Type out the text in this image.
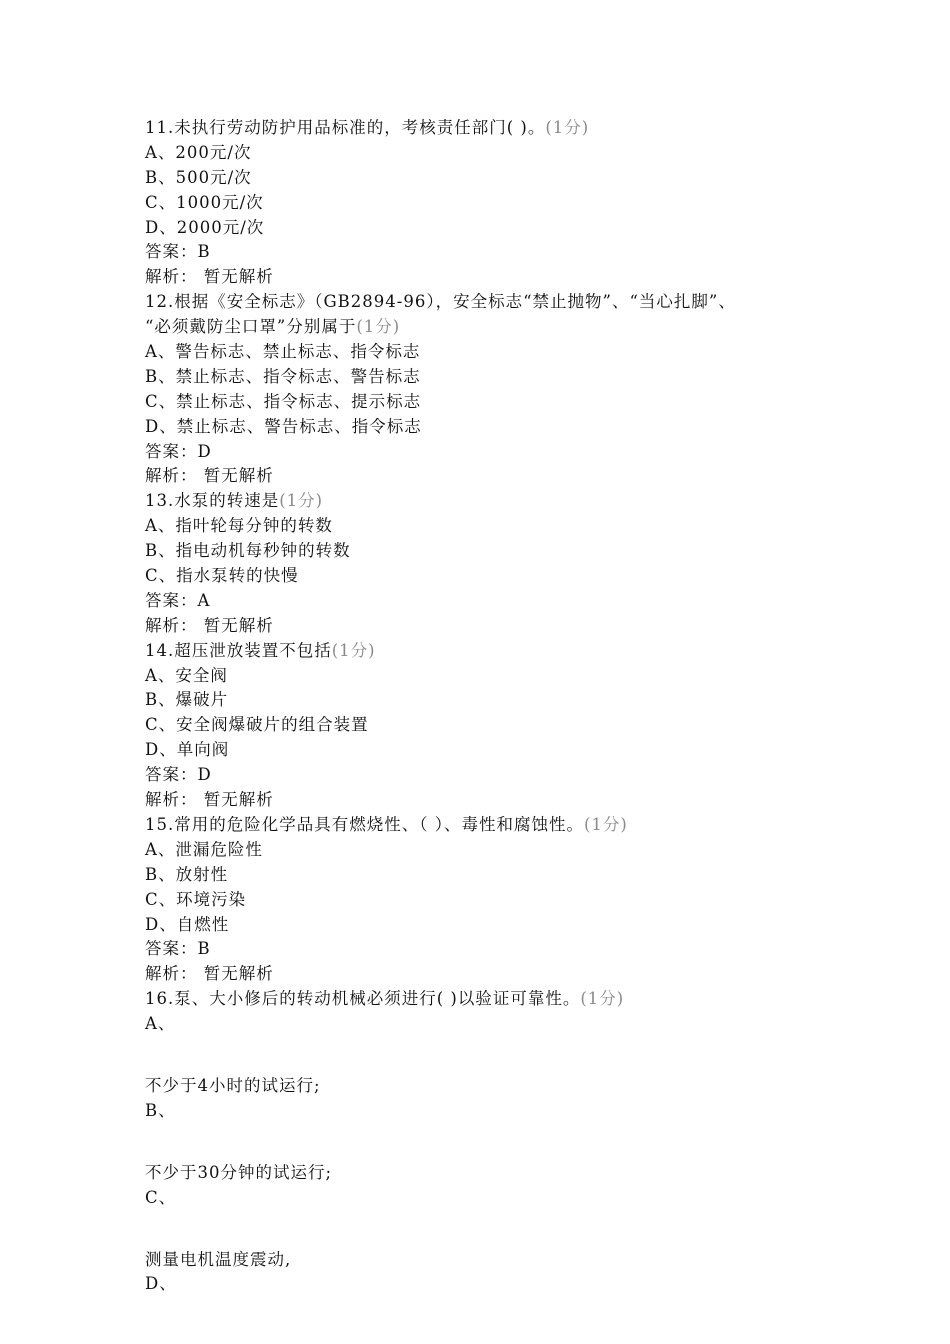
11.未执行劳动防护用品标准的，考核责任部门( )。(1分)
A、200元/次
B、500元/次
C、1000元/次
D、2000元/次
答案：B
解析： 暂无解析
12.根据《安全标志》（GB2894-96），安全标志“禁止抛物”、“当心扎脚”、
“必须戴防尘口罩”分别属于(1分)
A、警告标志、禁止标志、指令标志
B、禁止标志、指令标志、警告标志
C、禁止标志、指令标志、提示标志
D、禁止标志、警告标志、指令标志
答案：D
解析： 暂无解析
13.水泵的转速是(1分)
A、指叶轮每分钟的转数
B、指电动机每秒钟的转数
C、指水泵转的快慢
答案：A
解析： 暂无解析
14.超压泄放装置不包括(1分)
A、安全阀
B、爆破片
C、安全阀爆破片的组合装置
D、单向阀
答案：D
解析： 暂无解析
15.常用的危险化学品具有燃烧性、（ ）、毒性和腐蚀性。(1分)
A、泄漏危险性
B、放射性
C、环境污染
D、自燃性
答案：B
解析： 暂无解析
16.泵、大小修后的转动机械必须进行( )以验证可靠性。(1分)
A、
不少于4小时的试运行;
B、
不少于30分钟的试运行;
C、
测量电机温度震动,
D、
